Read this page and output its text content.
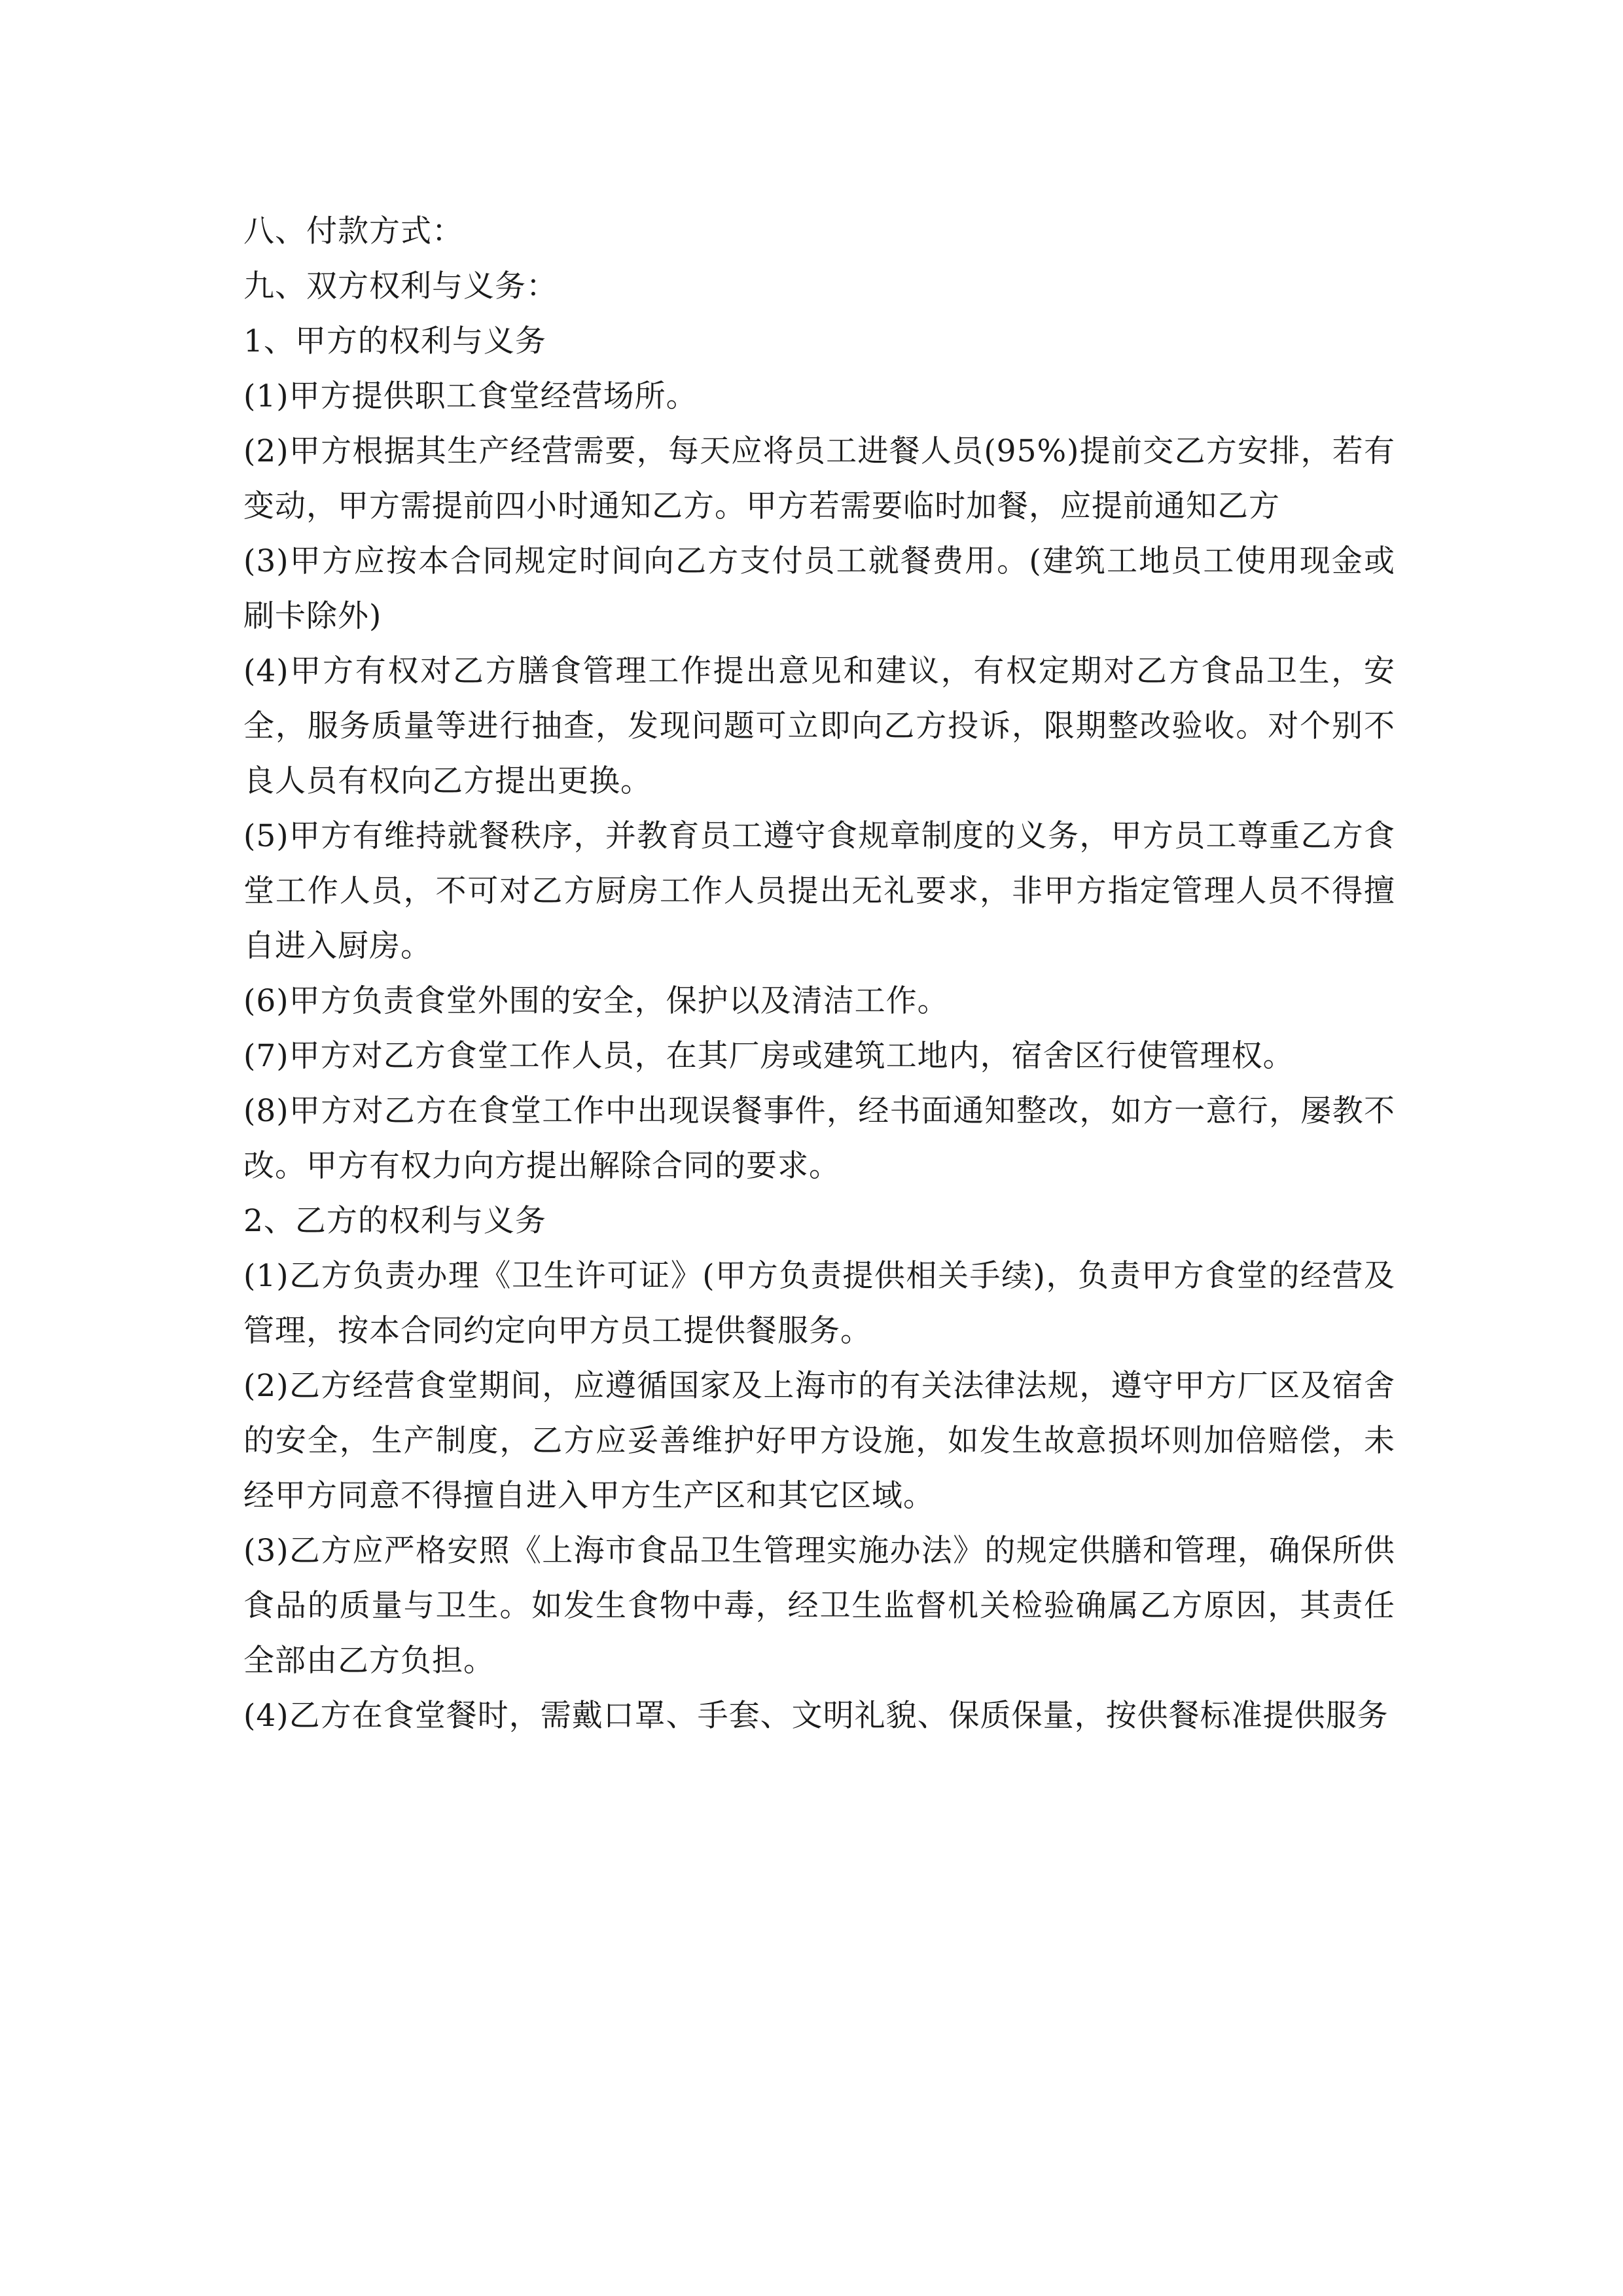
八、付款方式：

九、双方权利与义务：

1、甲方的权利与义务

(1)甲方提供职工食堂经营场所。

(2)甲方根据其生产经营需要，每天应将员工进餐人员(95%)提前交乙方安排，若有变动，甲方需提前四小时通知乙方。甲方若需要临时加餐，应提前通知乙方

(3)甲方应按本合同规定时间向乙方支付员工就餐费用。(建筑工地员工使用现金或刷卡除外)

(4)甲方有权对乙方膳食管理工作提出意见和建议，有权定期对乙方食品卫生，安全，服务质量等进行抽查，发现问题可立即向乙方投诉，限期整改验收。对个别不良人员有权向乙方提出更换。

(5)甲方有维持就餐秩序，并教育员工遵守食规章制度的义务，甲方员工尊重乙方食堂工作人员，不可对乙方厨房工作人员提出无礼要求，非甲方指定管理人员不得擅自进入厨房。

(6)甲方负责食堂外围的安全，保护以及清洁工作。

(7)甲方对乙方食堂工作人员，在其厂房或建筑工地内，宿舍区行使管理权。

(8)甲方对乙方在食堂工作中出现误餐事件，经书面通知整改，如方一意行，屡教不改。甲方有权力向方提出解除合同的要求。

2、乙方的权利与义务

(1)乙方负责办理《卫生许可证》(甲方负责提供相关手续)，负责甲方食堂的经营及管理，按本合同约定向甲方员工提供餐服务。

(2)乙方经营食堂期间，应遵循国家及上海市的有关法律法规，遵守甲方厂区及宿舍的安全，生产制度，乙方应妥善维护好甲方设施，如发生故意损坏则加倍赔偿，未经甲方同意不得擅自进入甲方生产区和其它区域。

(3)乙方应严格安照《上海市食品卫生管理实施办法》的规定供膳和管理，确保所供食品的质量与卫生。如发生食物中毒，经卫生监督机关检验确属乙方原因，其责任全部由乙方负担。

(4)乙方在食堂餐时，需戴口罩、手套、文明礼貌、保质保量，按供餐标准提供服务
